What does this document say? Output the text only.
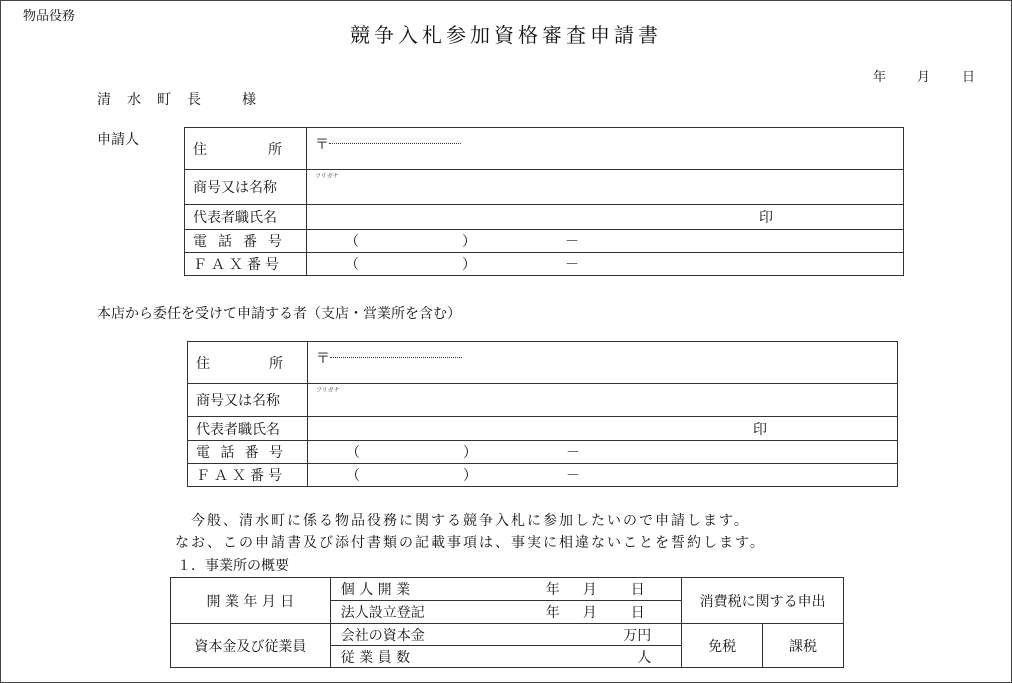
物品役務
競争入札参加資格審査申請書
年 月 日
清	水	町	長	様
申請人
住 所	〒

商号又は名称	フリガナ

代表者職氏名	印

電 話 番 号	（ ） －

ＦＡＸ番号	（ ） －
本店から委任を受けて申請する者（支店・営業所を含む）
住 所	〒

商号又は名称	フリガナ

代表者職氏名	印

電 話 番 号	（ ） －

ＦＡＸ番号	（ ） －
今般、清水町に係る物品役務に関する競争入札に参加したいので申請します。
なお、この申請書及び添付書類の記載事項は、事実に相違ないことを誓約します。
１．事業所の概要
開 業 年 月 日	個 人 開 業 年 月 日	消費税に関する申出	
	法人設立登記 年 月 日		

資本金及び従業員	会社の資本金 万円	免税	課税
	従 業 員 数 人		
